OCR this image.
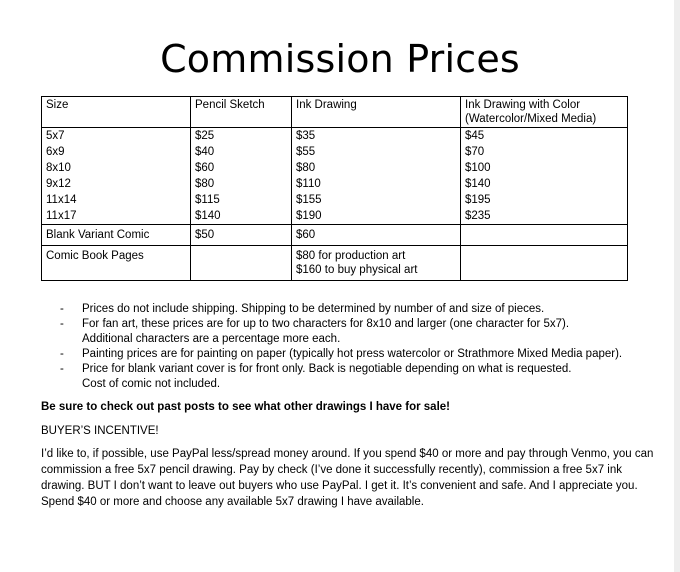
Commission Prices
Size	Pencil Sketch	Ink Drawing	Ink Drawing with Color
(Watercolor/Mixed Media)

5x7	$25	$35	$45
6x9	$40	$55	$70
8x10	$60	$80	$100
9x12	$80	$110	$140
11x14	$115	$155	$195
11x17	$140	$190	$235
Blank Variant Comic	$50	$60	
Comic Book Pages		$80 for production art
$160 to buy physical art	

- Prices do not include shipping. Shipping to be determined by number of and size of pieces.
- For fan art, these prices are for up to two characters for 8x10 and larger (one character for 5x7).
Additional characters are a percentage more each.
- Painting prices are for painting on paper (typically hot press watercolor or Strathmore Mixed Media paper).
- Price for blank variant cover is for front only. Back is negotiable depending on what is requested.
Cost of comic not included.
Be sure to check out past posts to see what other drawings I have for sale!
BUYER’S INCENTIVE!
I’d like to, if possible, use PayPal less/spread money around. If you spend $40 or more and pay through Venmo, you can
commission a free 5x7 pencil drawing. Pay by check (I’ve done it successfully recently), commission a free 5x7 ink
drawing. BUT I don’t want to leave out buyers who use PayPal. I get it. It’s convenient and safe. And I appreciate you.
Spend $40 or more and choose any available 5x7 drawing I have available.
